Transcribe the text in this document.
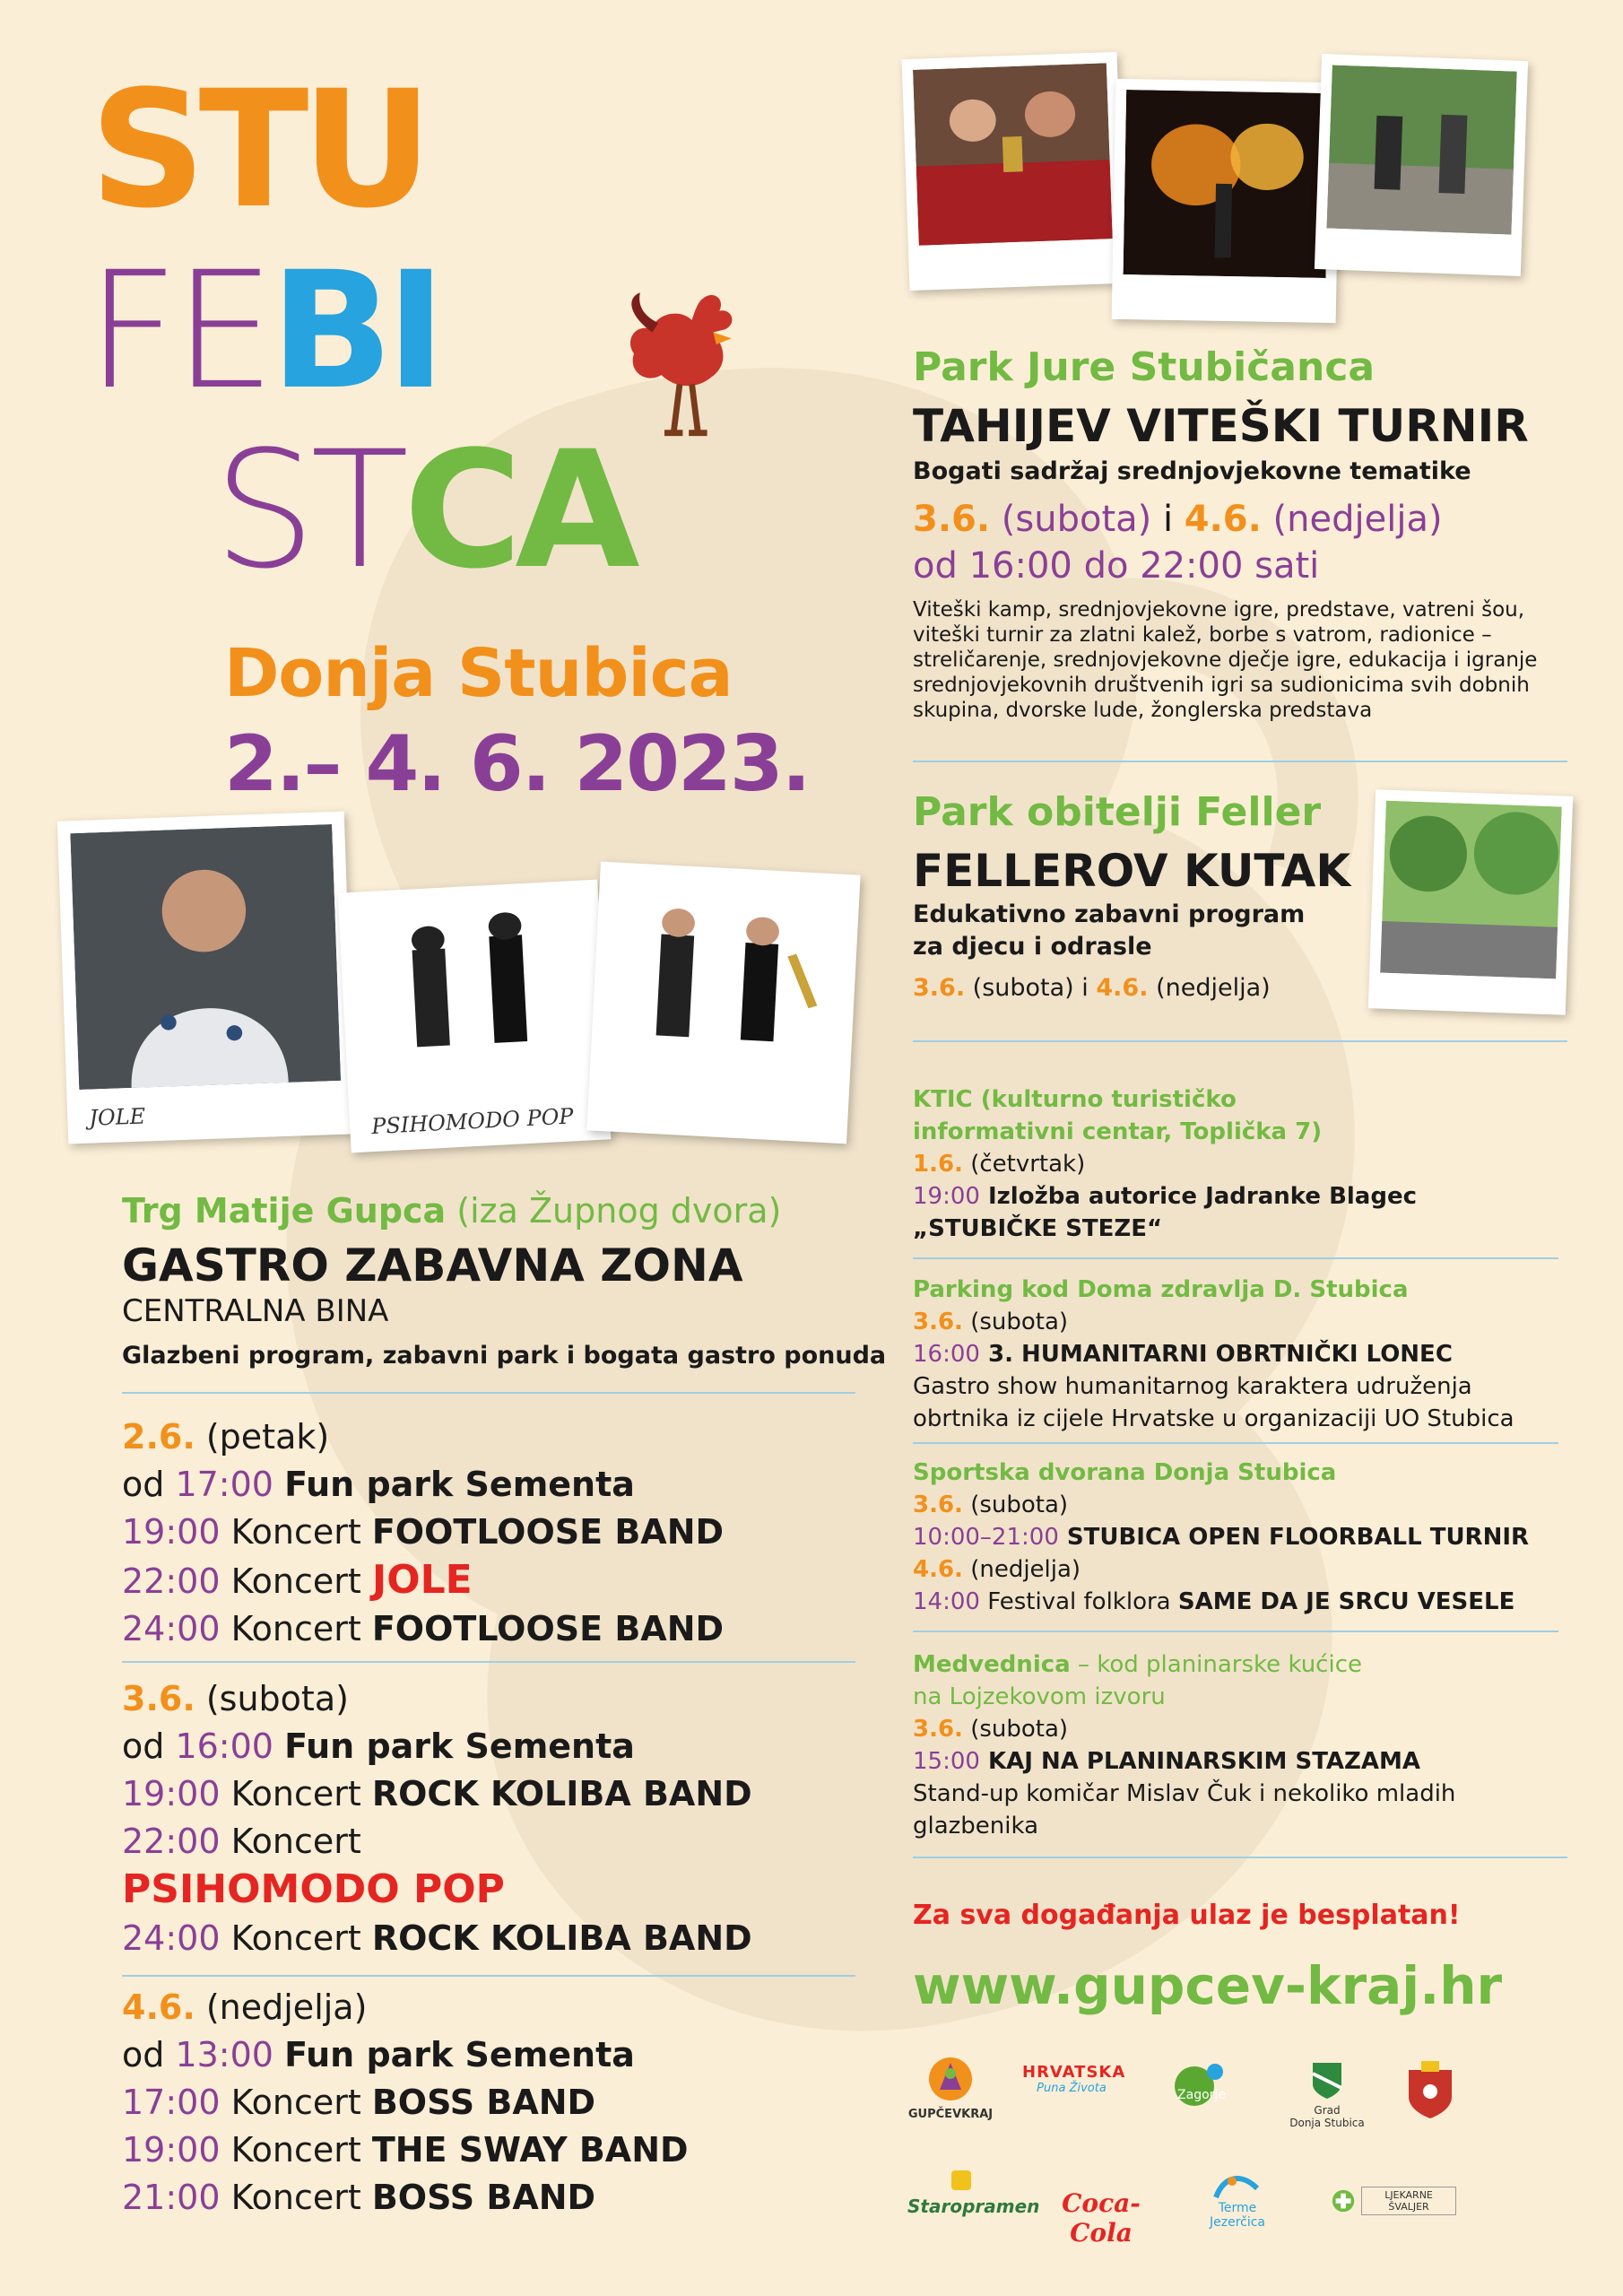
STU
FEBI
STCA
Donja Stubica
2.– 4. 6. 2023.
JOLE	PSIHOMODO POP
Trg Matije Gupca (iza Župnog dvora)
GASTRO ZABAVNA ZONA
CENTRALNA BINA
Glazbeni program, zabavni park i bogata gastro ponuda
2.6. (petak)
od 17:00 Fun park Sementa
19:00 Koncert FOOTLOOSE BAND
22:00 Koncert JOLE
24:00 Koncert FOOTLOOSE BAND
3.6. (subota)
od 16:00 Fun park Sementa
19:00 Koncert ROCK KOLIBA BAND
22:00 Koncert
PSIHOMODO POP
24:00 Koncert ROCK KOLIBA BAND
4.6. (nedjelja)
od 13:00 Fun park Sementa
17:00 Koncert BOSS BAND
19:00 Koncert THE SWAY BAND
21:00 Koncert BOSS BAND
Park Jure Stubičanca
TAHIJEV VITEŠKI TURNIR
Bogati sadržaj srednjovjekovne tematike
3.6. (subota) i 4.6. (nedjelja)
od 16:00 do 22:00 sati
Viteški kamp, srednjovjekovne igre, predstave, vatreni šou,
viteški turnir za zlatni kalež, borbe s vatrom, radionice –
streličarenje, srednjovjekovne dječje igre, edukacija i igranje
srednjovjekovnih društvenih igri sa sudionicima svih dobnih
skupina, dvorske lude, žonglerska predstava
Park obitelji Feller
FELLEROV KUTAK
Edukativno zabavni program
za djecu i odrasle
3.6. (subota) i 4.6. (nedjelja)
KTIC (kulturno turističko
informativni centar, Toplička 7)
1.6. (četvrtak)
19:00 Izložba autorice Jadranke Blagec
„STUBIČKE STEZE“
Parking kod Doma zdravlja D. Stubica
3.6. (subota)
16:00 3. HUMANITARNI OBRTNIČKI LONEC
Gastro show humanitarnog karaktera udruženja
obrtnika iz cijele Hrvatske u organizaciji UO Stubica
Sportska dvorana Donja Stubica
3.6. (subota)
10:00–21:00 STUBICA OPEN FLOORBALL TURNIR
4.6. (nedjelja)
14:00 Festival folklora SAME DA JE SRCU VESELE
Medvednica – kod planinarske kućice
na Lojzekovom izvoru
3.6. (subota)
15:00 KAJ NA PLANINARSKIM STAZAMA
Stand-up komičar Mislav Čuk i nekoliko mladih
glazbenika
Za sva događanja ulaz je besplatan!
www.gupcev-kraj.hr
GUPČEVKRAJ
HRVATSKA
Puna Života	Zagorje
Grad
Donja Stubica
Staropramen Coca-Cola
Terme
Jezerčica
LJEKARNE ŠVALJER
